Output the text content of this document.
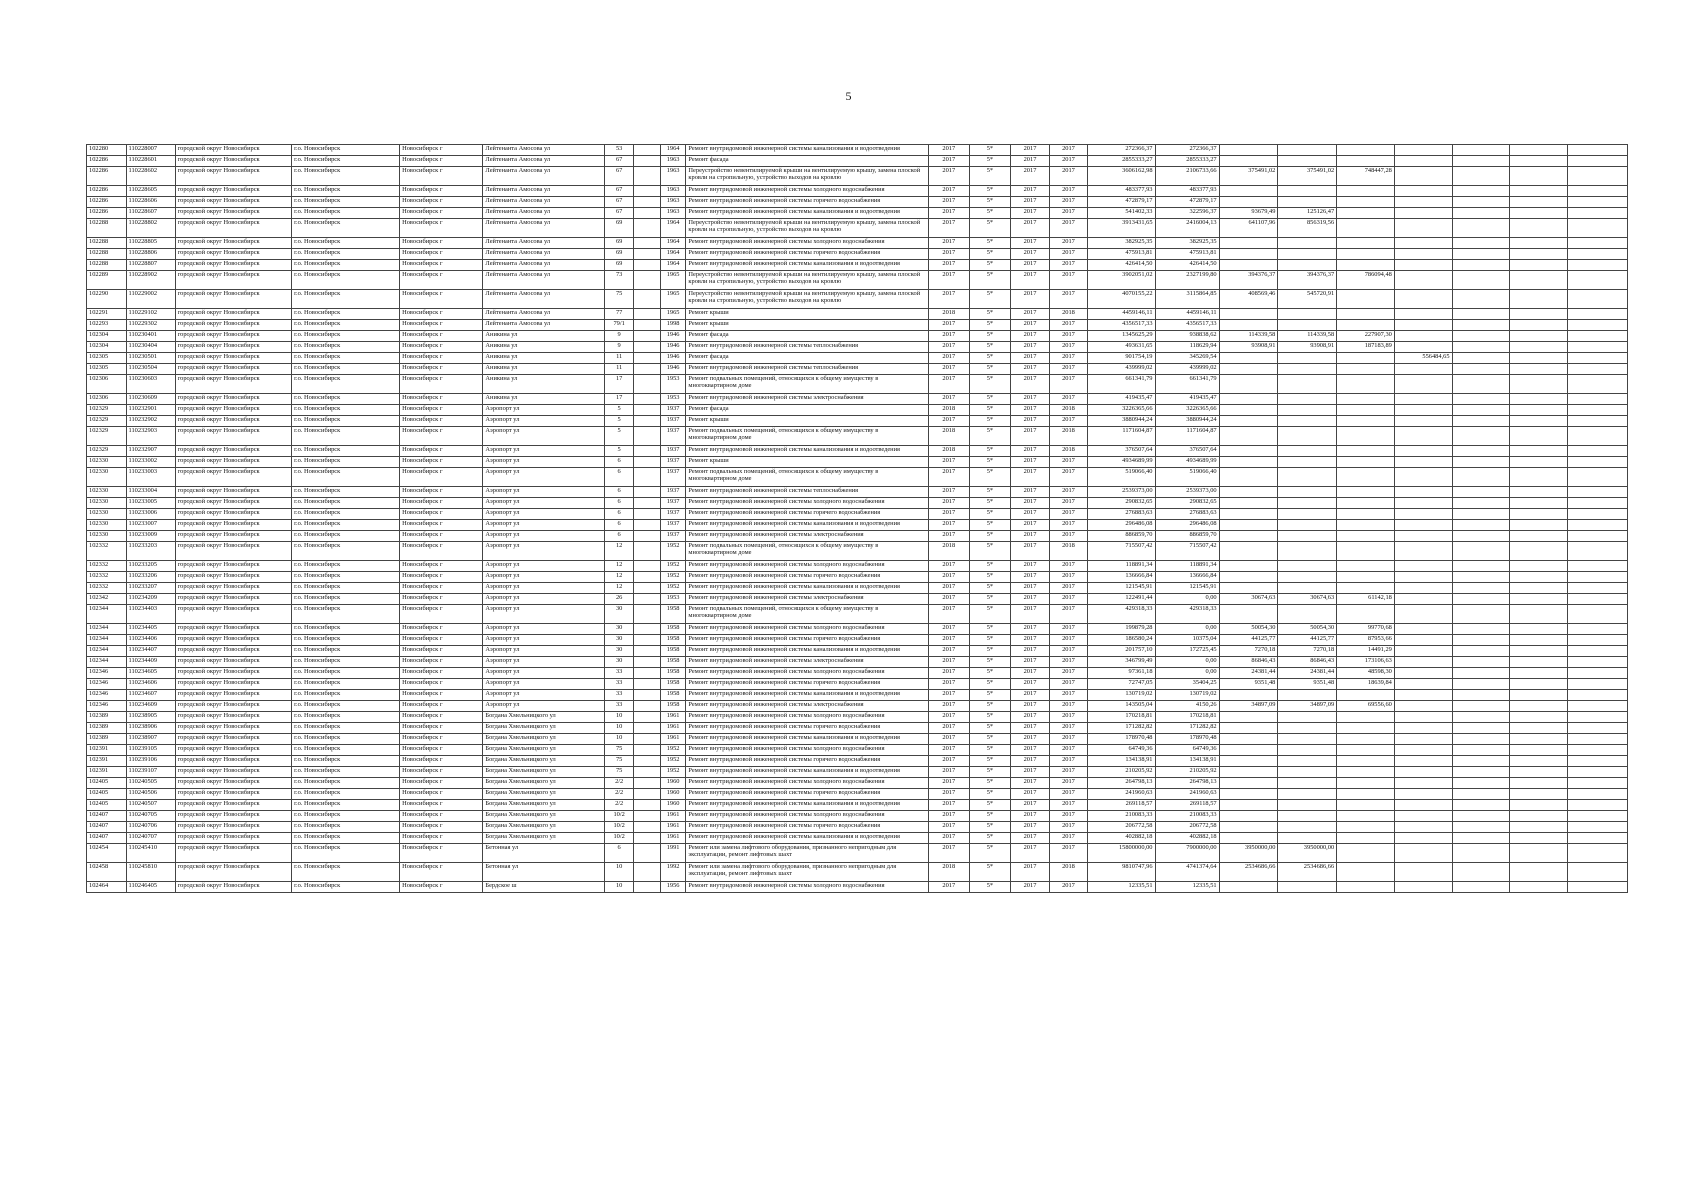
5
102280	110228007	городской округ Новосибирск	г.о. Новосибирск	Новосибирск г	Лейтенанта Амосова ул	53		1964	Ремонт внутридомовой инженерной системы канализования и водоотведения	2017	5*	2017	2017	272366,37	272366,37							
102286	110228601	городской округ Новосибирск	г.о. Новосибирск	Новосибирск г	Лейтенанта Амосова ул	67		1963	Ремонт фасада	2017	5*	2017	2017	2855333,27	2855333,27							
102286	110228602	городской округ Новосибирск	г.о. Новосибирск	Новосибирск г	Лейтенанта Амосова ул	67		1963	Переустройство невентилируемой крыши на вентилируемую крышу, замена плоской кровли на стропильную, устройство выходов на кровлю	2017	5*	2017	2017	3606162,98	2106733,66	375491,02	375491,02	748447,28				
102286	110228605	городской округ Новосибирск	г.о. Новосибирск	Новосибирск г	Лейтенанта Амосова ул	67		1963	Ремонт внутридомовой инженерной системы холодного водоснабжения	2017	5*	2017	2017	483377,93	483377,93							
102286	110228606	городской округ Новосибирск	г.о. Новосибирск	Новосибирск г	Лейтенанта Амосова ул	67		1963	Ремонт внутридомовой инженерной системы горячего водоснабжения	2017	5*	2017	2017	472879,17	472879,17							
102286	110228607	городской округ Новосибирск	г.о. Новосибирск	Новосибирск г	Лейтенанта Амосова ул	67		1963	Ремонт внутридомовой инженерной системы канализования и водоотведения	2017	5*	2017	2017	541402,33	322596,37	93679,49	125126,47					
102288	110228802	городской округ Новосибирск	г.о. Новосибирск	Новосибирск г	Лейтенанта Амосова ул	69		1964	Переустройство невентилируемой крыши на вентилируемую крышу, замена плоской кровли на стропильную, устройство выходов на кровлю	2017	5*	2017	2017	3913431,65	2416004,13	641107,96	856319,56					
102288	110228805	городской округ Новосибирск	г.о. Новосибирск	Новосибирск г	Лейтенанта Амосова ул	69		1964	Ремонт внутридомовой инженерной системы холодного водоснабжения	2017	5*	2017	2017	382925,35	382925,35							
102288	110228806	городской округ Новосибирск	г.о. Новосибирск	Новосибирск г	Лейтенанта Амосова ул	69		1964	Ремонт внутридомовой инженерной системы горячего водоснабжения	2017	5*	2017	2017	475913,81	475913,81							
102288	110228807	городской округ Новосибирск	г.о. Новосибирск	Новосибирск г	Лейтенанта Амосова ул	69		1964	Ремонт внутридомовой инженерной системы канализования и водоотведения	2017	5*	2017	2017	426414,50	426414,50							
102289	110228902	городской округ Новосибирск	г.о. Новосибирск	Новосибирск г	Лейтенанта Амосова ул	73		1965	Переустройство невентилируемой крыши на вентилируемую крышу, замена плоской кровли на стропильную, устройство выходов на кровлю	2017	5*	2017	2017	3902051,02	2327199,80	394376,37	394376,37	786094,48				
102290	110229002	городской округ Новосибирск	г.о. Новосибирск	Новосибирск г	Лейтенанта Амосова ул	75		1965	Переустройство невентилируемой крыши на вентилируемую крышу, замена плоской кровли на стропильную, устройство выходов на кровлю	2017	5*	2017	2017	4070155,22	3115864,85	408569,46	545720,91					
102291	110229102	городской округ Новосибирск	г.о. Новосибирск	Новосибирск г	Лейтенанта Амосова ул	77		1965	Ремонт крыши	2018	5*	2017	2018	4459146,11	4459146,11							
102293	110229302	городской округ Новосибирск	г.о. Новосибирск	Новосибирск г	Лейтенанта Амосова ул	79/1		1998	Ремонт крыши	2017	5*	2017	2017	4356517,33	4356517,33							
102304	110230401	городской округ Новосибирск	г.о. Новосибирск	Новосибирск г	Аникина ул	9		1946	Ремонт фасада	2017	5*	2017	2017	1345625,29	938838,62	114339,58	114339,58	227907,30				
102304	110230404	городской округ Новосибирск	г.о. Новосибирск	Новосибирск г	Аникина ул	9		1946	Ремонт внутридомовой инженерной системы теплоснабжения	2017	5*	2017	2017	493631,65	118629,94	93908,91	93908,91	187183,89				
102305	110230501	городской округ Новосибирск	г.о. Новосибирск	Новосибирск г	Аникина ул	11		1946	Ремонт фасада	2017	5*	2017	2017	901754,19	345269,54				556484,65			
102305	110230504	городской округ Новосибирск	г.о. Новосибирск	Новосибирск г	Аникина ул	11		1946	Ремонт внутридомовой инженерной системы теплоснабжения	2017	5*	2017	2017	439999,02	439999,02							
102306	110230603	городской округ Новосибирск	г.о. Новосибирск	Новосибирск г	Аникина ул	17		1953	Ремонт подвальных помещений, относящихся к общему имуществу в многоквартирном доме	2017	5*	2017	2017	661341,79	661341,79							
102306	110230609	городской округ Новосибирск	г.о. Новосибирск	Новосибирск г	Аникина ул	17		1953	Ремонт внутридомовой инженерной системы электроснабжения	2017	5*	2017	2017	419435,47	419435,47							
102329	110232901	городской округ Новосибирск	г.о. Новосибирск	Новосибирск г	Аэропорт ул	5		1937	Ремонт фасада	2018	5*	2017	2018	3226365,66	3226365,66							
102329	110232902	городской округ Новосибирск	г.о. Новосибирск	Новосибирск г	Аэропорт ул	5		1937	Ремонт крыши	2017	5*	2017	2017	3880944,24	3880944,24							
102329	110232903	городской округ Новосибирск	г.о. Новосибирск	Новосибирск г	Аэропорт ул	5		1937	Ремонт подвальных помещений, относящихся к общему имуществу в многоквартирном доме	2018	5*	2017	2018	1171604,87	1171604,87							
102329	110232907	городской округ Новосибирск	г.о. Новосибирск	Новосибирск г	Аэропорт ул	5		1937	Ремонт внутридомовой инженерной системы канализования и водоотведения	2018	5*	2017	2018	376507,64	376507,64							
102330	110233002	городской округ Новосибирск	г.о. Новосибирск	Новосибирск г	Аэропорт ул	6		1937	Ремонт крыши	2017	5*	2017	2017	4934689,99	4934689,99							
102330	110233003	городской округ Новосибирск	г.о. Новосибирск	Новосибирск г	Аэропорт ул	6		1937	Ремонт подвальных помещений, относящихся к общему имуществу в многоквартирном доме	2017	5*	2017	2017	519066,40	519066,40							
102330	110233004	городской округ Новосибирск	г.о. Новосибирск	Новосибирск г	Аэропорт ул	6		1937	Ремонт внутридомовой инженерной системы теплоснабжения	2017	5*	2017	2017	2539373,00	2539373,00							
102330	110233005	городской округ Новосибирск	г.о. Новосибирск	Новосибирск г	Аэропорт ул	6		1937	Ремонт внутридомовой инженерной системы холодного водоснабжения	2017	5*	2017	2017	290832,65	290832,65							
102330	110233006	городской округ Новосибирск	г.о. Новосибирск	Новосибирск г	Аэропорт ул	6		1937	Ремонт внутридомовой инженерной системы горячего водоснабжения	2017	5*	2017	2017	276883,63	276883,63							
102330	110233007	городской округ Новосибирск	г.о. Новосибирск	Новосибирск г	Аэропорт ул	6		1937	Ремонт внутридомовой инженерной системы канализования и водоотведения	2017	5*	2017	2017	296486,08	296486,08							
102330	110233009	городской округ Новосибирск	г.о. Новосибирск	Новосибирск г	Аэропорт ул	6		1937	Ремонт внутридомовой инженерной системы электроснабжения	2017	5*	2017	2017	886859,70	886859,70							
102332	110233203	городской округ Новосибирск	г.о. Новосибирск	Новосибирск г	Аэропорт ул	12		1952	Ремонт подвальных помещений, относящихся к общему имуществу в многоквартирном доме	2018	5*	2017	2018	715507,42	715507,42							
102332	110233205	городской округ Новосибирск	г.о. Новосибирск	Новосибирск г	Аэропорт ул	12		1952	Ремонт внутридомовой инженерной системы холодного водоснабжения	2017	5*	2017	2017	118891,34	118891,34							
102332	110233206	городской округ Новосибирск	г.о. Новосибирск	Новосибирск г	Аэропорт ул	12		1952	Ремонт внутридомовой инженерной системы горячего водоснабжения	2017	5*	2017	2017	136666,84	136666,84							
102332	110233207	городской округ Новосибирск	г.о. Новосибирск	Новосибирск г	Аэропорт ул	12		1952	Ремонт внутридомовой инженерной системы канализования и водоотведения	2017	5*	2017	2017	121545,91	121545,91							
102342	110234209	городской округ Новосибирск	г.о. Новосибирск	Новосибирск г	Аэропорт ул	26		1953	Ремонт внутридомовой инженерной системы электроснабжения	2017	5*	2017	2017	122491,44	0,00	30674,63	30674,63	61142,18				
102344	110234403	городской округ Новосибирск	г.о. Новосибирск	Новосибирск г	Аэропорт ул	30		1958	Ремонт подвальных помещений, относящихся к общему имуществу в многоквартирном доме	2017	5*	2017	2017	429318,33	429318,33							
102344	110234405	городской округ Новосибирск	г.о. Новосибирск	Новосибирск г	Аэропорт ул	30		1958	Ремонт внутридомовой инженерной системы холодного водоснабжения	2017	5*	2017	2017	199879,28	0,00	50054,30	50054,30	99770,68				
102344	110234406	городской округ Новосибирск	г.о. Новосибирск	Новосибирск г	Аэропорт ул	30		1958	Ремонт внутридомовой инженерной системы горячего водоснабжения	2017	5*	2017	2017	186580,24	10375,04	44125,77	44125,77	87953,66				
102344	110234407	городской округ Новосибирск	г.о. Новосибирск	Новосибирск г	Аэропорт ул	30		1958	Ремонт внутридомовой инженерной системы канализования и водоотведения	2017	5*	2017	2017	201757,10	172725,45	7270,18	7270,18	14491,29				
102344	110234409	городской округ Новосибирск	г.о. Новосибирск	Новосибирск г	Аэропорт ул	30		1958	Ремонт внутридомовой инженерной системы электроснабжения	2017	5*	2017	2017	346799,49	0,00	86846,43	86846,43	173106,63				
102346	110234605	городской округ Новосибирск	г.о. Новосибирск	Новосибирск г	Аэропорт ул	33		1958	Ремонт внутридомовой инженерной системы холодного водоснабжения	2017	5*	2017	2017	97361,18	0,00	24381,44	24381,44	48598,30				
102346	110234606	городской округ Новосибирск	г.о. Новосибирск	Новосибирск г	Аэропорт ул	33		1958	Ремонт внутридомовой инженерной системы горячего водоснабжения	2017	5*	2017	2017	72747,05	35404,25	9351,48	9351,48	18639,84				
102346	110234607	городской округ Новосибирск	г.о. Новосибирск	Новосибирск г	Аэропорт ул	33		1958	Ремонт внутридомовой инженерной системы канализования и водоотведения	2017	5*	2017	2017	130719,02	130719,02							
102346	110234609	городской округ Новосибирск	г.о. Новосибирск	Новосибирск г	Аэропорт ул	33		1958	Ремонт внутридомовой инженерной системы электроснабжения	2017	5*	2017	2017	143505,04	4150,26	34897,09	34897,09	69556,60				
102389	110238905	городской округ Новосибирск	г.о. Новосибирск	Новосибирск г	Богдана Хмельницкого ул	10		1961	Ремонт внутридомовой инженерной системы холодного водоснабжения	2017	5*	2017	2017	170218,81	170218,81							
102389	110238906	городской округ Новосибирск	г.о. Новосибирск	Новосибирск г	Богдана Хмельницкого ул	10		1961	Ремонт внутридомовой инженерной системы горячего водоснабжения	2017	5*	2017	2017	171282,82	171282,82							
102389	110238907	городской округ Новосибирск	г.о. Новосибирск	Новосибирск г	Богдана Хмельницкого ул	10		1961	Ремонт внутридомовой инженерной системы канализования и водоотведения	2017	5*	2017	2017	178970,48	178970,48							
102391	110239105	городской округ Новосибирск	г.о. Новосибирск	Новосибирск г	Богдана Хмельницкого ул	75		1952	Ремонт внутридомовой инженерной системы холодного водоснабжения	2017	5*	2017	2017	64749,36	64749,36							
102391	110239106	городской округ Новосибирск	г.о. Новосибирск	Новосибирск г	Богдана Хмельницкого ул	75		1952	Ремонт внутридомовой инженерной системы горячего водоснабжения	2017	5*	2017	2017	134138,91	134138,91							
102391	110239107	городской округ Новосибирск	г.о. Новосибирск	Новосибирск г	Богдана Хмельницкого ул	75		1952	Ремонт внутридомовой инженерной системы канализования и водоотведения	2017	5*	2017	2017	210205,92	210205,92							
102405	110240505	городской округ Новосибирск	г.о. Новосибирск	Новосибирск г	Богдана Хмельницкого ул	2/2		1960	Ремонт внутридомовой инженерной системы холодного водоснабжения	2017	5*	2017	2017	264798,13	264798,13							
102405	110240506	городской округ Новосибирск	г.о. Новосибирск	Новосибирск г	Богдана Хмельницкого ул	2/2		1960	Ремонт внутридомовой инженерной системы горячего водоснабжения	2017	5*	2017	2017	241960,63	241960,63							
102405	110240507	городской округ Новосибирск	г.о. Новосибирск	Новосибирск г	Богдана Хмельницкого ул	2/2		1960	Ремонт внутридомовой инженерной системы канализования и водоотведения	2017	5*	2017	2017	269118,57	269118,57							
102407	110240705	городской округ Новосибирск	г.о. Новосибирск	Новосибирск г	Богдана Хмельницкого ул	10/2		1961	Ремонт внутридомовой инженерной системы холодного водоснабжения	2017	5*	2017	2017	210083,33	210083,33							
102407	110240706	городской округ Новосибирск	г.о. Новосибирск	Новосибирск г	Богдана Хмельницкого ул	10/2		1961	Ремонт внутридомовой инженерной системы горячего водоснабжения	2017	5*	2017	2017	206772,58	206772,58							
102407	110240707	городской округ Новосибирск	г.о. Новосибирск	Новосибирск г	Богдана Хмельницкого ул	10/2		1961	Ремонт внутридомовой инженерной системы канализования и водоотведения	2017	5*	2017	2017	402882,18	402882,18							
102454	110245410	городской округ Новосибирск	г.о. Новосибирск	Новосибирск г	Бетонная ул	6		1991	Ремонт или замена лифтового оборудования, признанного непригодным для эксплуатации, ремонт лифтовых шахт	2017	5*	2017	2017	15800000,00	7900000,00	3950000,00	3950000,00					
102458	110245810	городской округ Новосибирск	г.о. Новосибирск	Новосибирск г	Бетонная ул	10		1992	Ремонт или замена лифтового оборудования, признанного непригодным для эксплуатации, ремонт лифтовых шахт	2018	5*	2017	2018	9810747,96	4741374,64	2534686,66	2534686,66					
102464	110246405	городской округ Новосибирск	г.о. Новосибирск	Новосибирск г	Бердское ш	10		1956	Ремонт внутридомовой инженерной системы холодного водоснабжения	2017	5*	2017	2017	12335,51	12335,51							
